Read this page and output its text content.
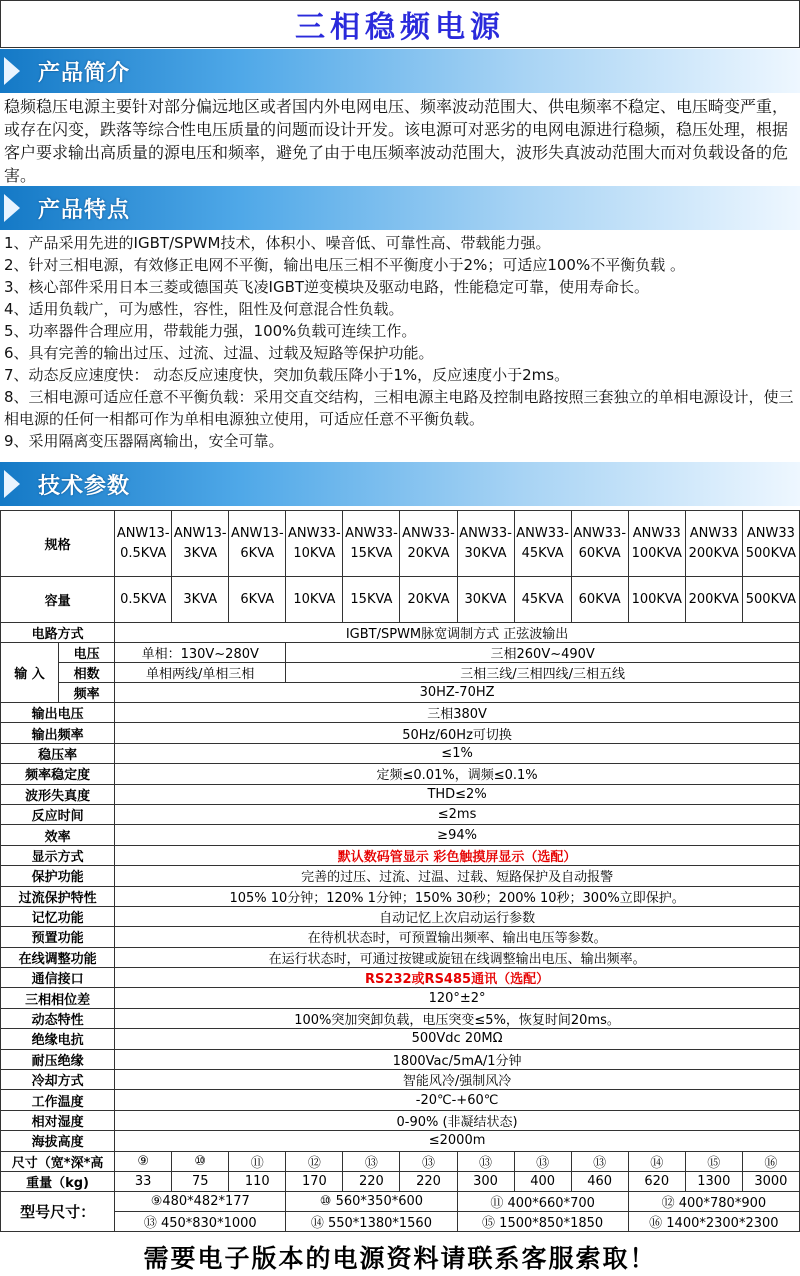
三相稳频电源
产品简介
稳频稳压电源主要针对部分偏远地区或者国内外电网电压、频率波动范围大、供电频率不稳定、电压畸变严重，或存在闪变，跌落等综合性电压质量的问题而设计开发。该电源可对恶劣的电网电源进行稳频，稳压处理，根据客户要求输出高质量的源电压和频率，避免了由于电压频率波动范围大，波形失真波动范围大而对负载设备的危害。
产品特点
1、产品采用先进的IGBT/SPWM技术，体积小、噪音低、可靠性高、带载能力强。
2、针对三相电源，有效修正电网不平衡，输出电压三相不平衡度小于2%；可适应100%不平衡负载 。
3、核心部件采用日本三菱或德国英飞凌IGBT逆变模块及驱动电路，性能稳定可靠，使用寿命长。
4、适用负载广，可为感性，容性，阻性及何意混合性负载。
5、功率器件合理应用，带载能力强，100%负载可连续工作。
6、具有完善的输出过压、过流、过温、过载及短路等保护功能。
7、动态反应速度快： 动态反应速度快，突加负载压降小于1%，反应速度小于2ms。
8、三相电源可适应任意不平衡负载：采用交直交结构，三相电源主电路及控制电路按照三套独立的单相电源设计，使三相电源的任何一相都可作为单相电源独立使用，可适应任意不平衡负载。
9、采用隔离变压器隔离输出，安全可靠。
技术参数
规格		ANW13-0.5KVA	ANW13-3KVA	ANW13-6KVA	ANW33-10KVA	ANW33-15KVA	ANW33-20KVA	ANW33-30KVA	ANW33-45KVA	ANW33-60KVA	ANW33 100KVA	ANW33 200KVA	ANW33 500KVA
容量		0.5KVA	3KVA	6KVA	10KVA	15KVA	20KVA	30KVA	45KVA	60KVA	100KVA	200KVA	500KVA
电路方式		IGBT/SPWM脉宽调制方式 正弦波输出											
输 入	电压	单相：130V~280V			三相260V~490V								
	相数	单相两线/单相三相			三相三线/三相四线/三相五线								
	频率	30HZ-70HZ											
输出电压		三相380V											
输出频率		50Hz/60Hz可切换											
稳压率		≤1%											
频率稳定度		定频≤0.01%，调频≤0.1%											
波形失真度		THD≤2%											
反应时间		≤2ms											
效率		≥94%											
显示方式		默认数码管显示 彩色触摸屏显示（选配）											
保护功能		完善的过压、过流、过温、过载、短路保护及自动报警											
过流保护特性		105% 10分钟；120% 1分钟；150% 30秒；200% 10秒；300%立即保护。											
记忆功能		自动记忆上次启动运行参数											
预置功能		在待机状态时，可预置输出频率、输出电压等参数。											
在线调整功能		在运行状态时，可通过按键或旋钮在线调整输出电压、输出频率。											
通信接口		RS232或RS485通讯（选配）											
三相相位差		120°±2°											
动态特性		100%突加突卸负载，电压突变≤5%，恢复时间20ms。											
绝缘电抗		500Vdc 20MΩ											
耐压绝缘		1800Vac/5mA/1分钟											
冷却方式		智能风冷/强制风冷											
工作温度		-20℃-+60℃											
相对湿度		0-90% (非凝结状态)											
海拔高度		≤2000m											
尺寸（宽*深*高		⑨	⑩	⑪	⑫	⑬	⑬	⑬	⑬	⑬	⑭	⑮	⑯
重量（kg)		33	75	110	170	220	220	300	400	460	620	1300	3000
型号尺寸：		⑨480*482*177			⑩ 560*350*600			⑪ 400*660*700			⑫ 400*780*900		
		⑬ 450*830*1000			⑭ 550*1380*1560			⑮ 1500*850*1850			⑯ 1400*2300*2300		
需要电子版本的电源资料请联系客服索取！
